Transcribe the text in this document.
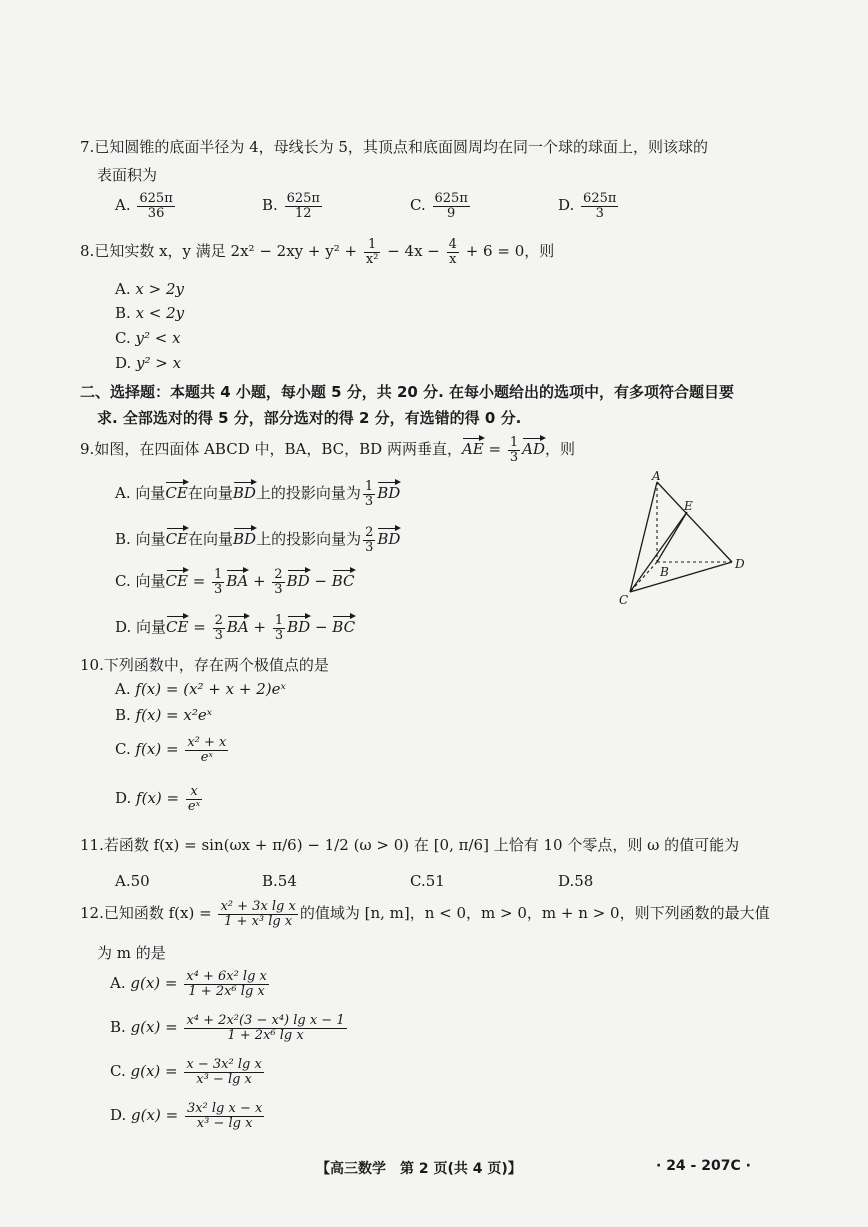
7.已知圆锥的底面半径为 4，母线长为 5，其顶点和底面圆周均在同一个球的球面上，则该球的
表面积为
A. $\frac{625\pi}{36}$	B. $\frac{625\pi}{12}$	C. $\frac{625\pi}{9}$	D. $\frac{625\pi}{3}$
8.已知实数 x，y 满足 $2x^2 - 2xy + y^2 + \frac{1}{\text{x²}} - 4x - \frac{4}{x} + 6 = 0$，则
A. x > 2y
B. x < 2y
C. y² < x
D. y² > x
二、选择题：本题共 4 小题，每小题 5 分，共 20 分. 在每小题给出的选项中，有多项符合题目要
求. 全部选对的得 5 分，部分选对的得 2 分，有选错的得 0 分.
9.如图，在四面体 ABCD 中，BA，BC，BD 两两垂直，AE = $\frac{1}{3}$ AD，则
A. 向量CE在向量BD上的投影向量为 $\frac{1}{3}$ BD
B. 向量CE在向量BD上的投影向量为 $\frac{2}{3}$ BD
C. 向量CE = $\frac{1}{3}$ BA + $\frac{2}{3}$ BD − BC
D. 向量CE = $\frac{2}{3}$ BA + $\frac{1}{3}$ BD − BC
A
B
C
D
E
10.下列函数中，存在两个极值点的是
A. f(x) = (x² + x + 2)eˣ
B. f(x) = x²eˣ
C. $f(x) = \frac{\text{x² + x}}{\text{eˣ}}$
D. $f(x) = \frac{x}{\text{eˣ}}$
11.若函数 f(x) = sin(ωx + π/6) − 1/2 (ω > 0) 在 [0, π/6] 上恰有 10 个零点，则 ω 的值可能为
A.50	B.54	C.51	D.58
12.已知函数 $f(x) = \frac{\text{x² + 3x lg x}}{\text{1 + x³ lg x}}$ 的值域为 [n, m]，n < 0，m > 0，m + n > 0，则下列函数的最大值
为 m 的是
A. $g(x) = \frac{\text{x⁴ + 6x² lg x}}{\text{1 + 2x⁶ lg x}}$
B. $g(x) = \frac{\text{x⁴ + 2x²(3 − x⁴) lg x − 1}}{\text{1 + 2x⁶ lg x}}$
C. $g(x) = \frac{\text{x − 3x² lg x}}{\text{x³ − lg x}}$
D. $g(x) = \frac{\text{3x² lg x − x}}{\text{x³ − lg x}}$
【高三数学　第 2 页(共 4 页)】	· 24 - 207C ·
